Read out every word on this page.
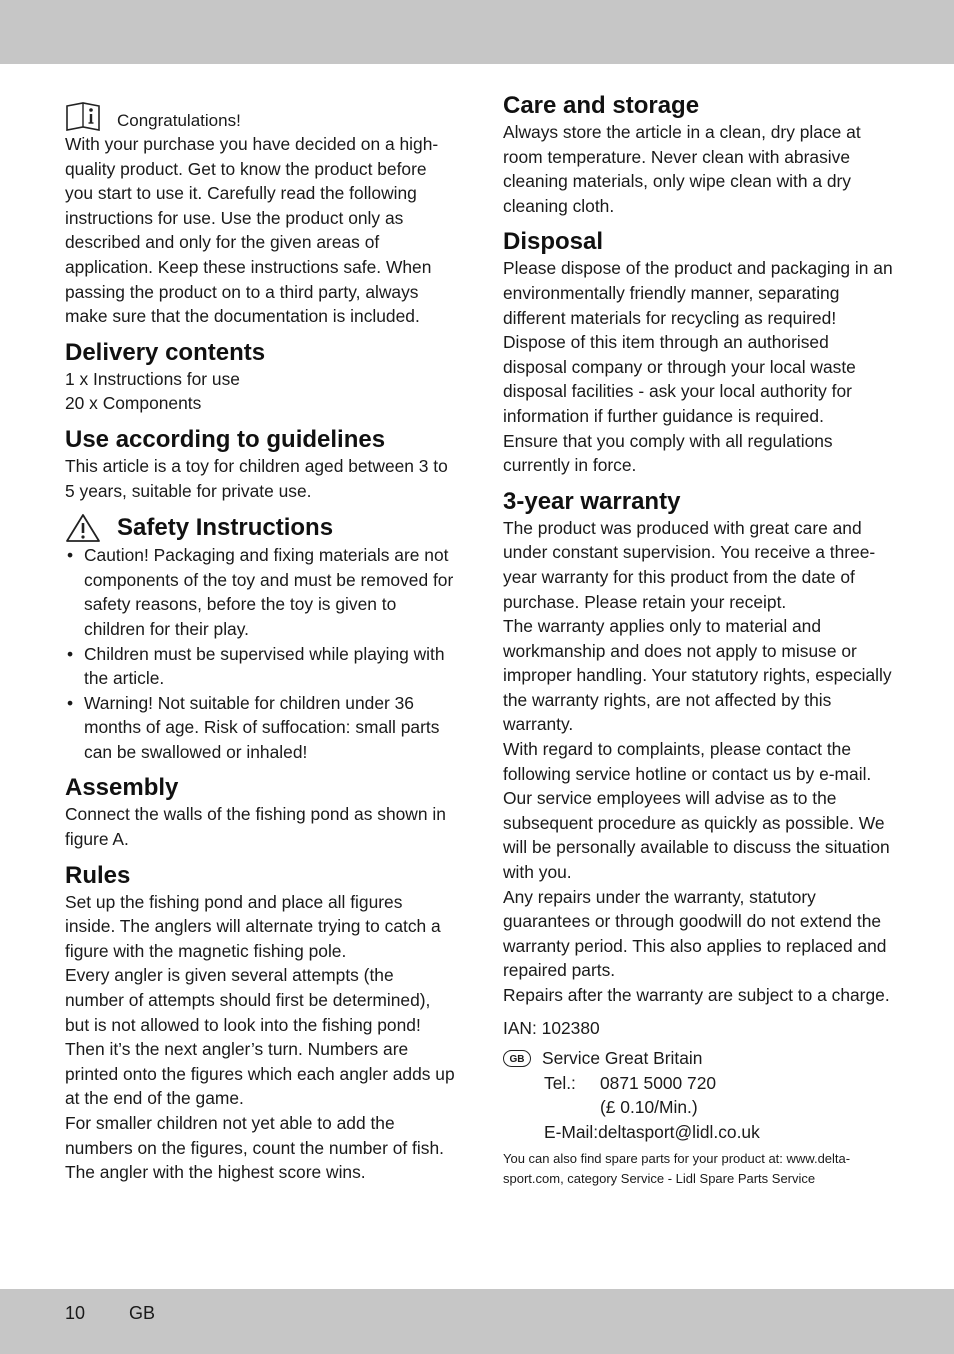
Congratulations!

With your purchase you have decided on a high-quality product. Get to know the product before you start to use it. Carefully read the following instructions for use. Use the product only as described and only for the given areas of application. Keep these instructions safe. When passing the product on to a third party, always make sure that the documentation is included.

Delivery contents

1 x Instructions for use

20 x Components

Use according to guidelines

This article is a toy for children aged between 3 to 5 years, suitable for private use.

Safety Instructions
• Caution! Packaging and fixing materials are not components of the toy and must be removed for safety reasons, before the toy is given to children for their play.
• Children must be supervised while playing with the article.
• Warning! Not suitable for children under 36 months of age. Risk of suffocation: small parts can be swallowed or inhaled!
Assembly

Connect the walls of the fishing pond as shown in figure A.

Rules

Set up the fishing pond and place all figures inside. The anglers will alternate trying to catch a figure with the magnetic fishing pole.

Every angler is given several attempts (the number of attempts should first be determined), but is not allowed to look into the fishing pond!

Then it’s the next angler’s turn. Numbers are printed onto the figures which each angler adds up at the end of the game.

For smaller children not yet able to add the numbers on the figures, count the number of fish.

The angler with the highest score wins.

Care and storage

Always store the article in a clean, dry place at room temperature. Never clean with abrasive cleaning materials, only wipe clean with a dry cleaning cloth.

Disposal

Please dispose of the product and packaging in an environmentally friendly manner, separating different materials for recycling as required!

Dispose of this item through an authorised disposal company or through your local waste disposal facilities - ask your local authority for information if further guidance is required.

Ensure that you comply with all regulations currently in force.

3-year warranty

The product was produced with great care and under constant supervision. You receive a three-year warranty for this product from the date of purchase. Please retain your receipt.

The warranty applies only to material and workmanship and does not apply to misuse or improper handling. Your statutory rights, especially the warranty rights, are not affected by this warranty.

With regard to complaints, please contact the following service hotline or contact us by e-mail. Our service employees will advise as to the subsequent procedure as quickly as possible. We will be personally available to discuss the situation with you.

Any repairs under the warranty, statutory guarantees or through goodwill do not extend the warranty period. This also applies to replaced and repaired parts.

Repairs after the warranty are subject to a charge.

IAN: 102380

GB	Service Great Britain
Tel.:	0871 5000 720
(£ 0.10/Min.)
E-Mail:deltasport@lidl.co.uk

You can also find spare parts for your product at: www.delta-sport.com, category Service - Lidl Spare Parts Service

10 GB
